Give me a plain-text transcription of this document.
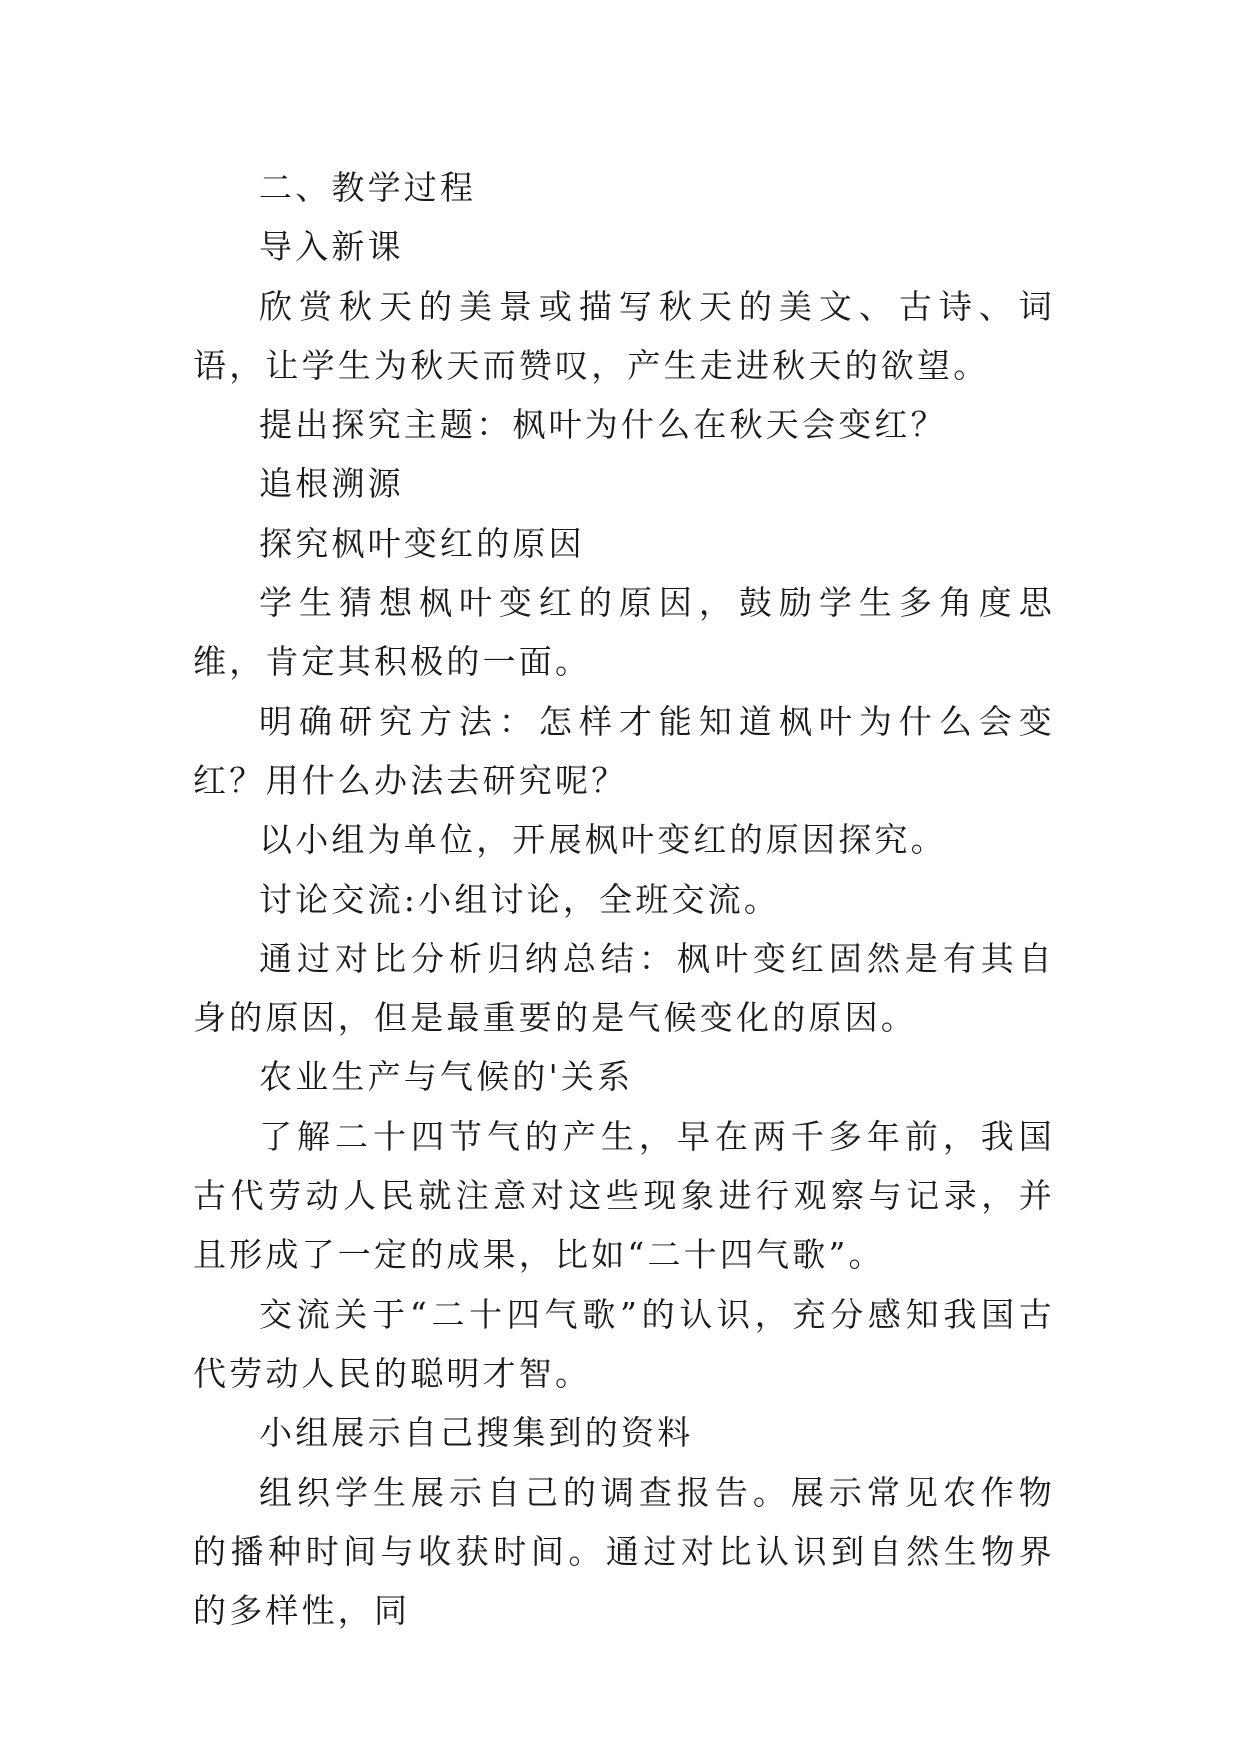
二、教学过程

导入新课

欣赏秋天的美景或描写秋天的美文、古诗、词语，让学生为秋天而赞叹，产生走进秋天的欲望。

提出探究主题：枫叶为什么在秋天会变红？

追根溯源

探究枫叶变红的原因

学生猜想枫叶变红的原因，鼓励学生多角度思维，肯定其积极的一面。

明确研究方法：怎样才能知道枫叶为什么会变红？用什么办法去研究呢？

以小组为单位，开展枫叶变红的原因探究。

讨论交流:小组讨论，全班交流。

通过对比分析归纳总结：枫叶变红固然是有其自身的原因，但是最重要的是气候变化的原因。

农业生产与气候的'关系

了解二十四节气的产生，早在两千多年前，我国古代劳动人民就注意对这些现象进行观察与记录，并且形成了一定的成果，比如“二十四气歌”。

交流关于“二十四气歌”的认识，充分感知我国古代劳动人民的聪明才智。

小组展示自己搜集到的资料

组织学生展示自己的调查报告。展示常见农作物的播种时间与收获时间。通过对比认识到自然生物界的多样性，同
